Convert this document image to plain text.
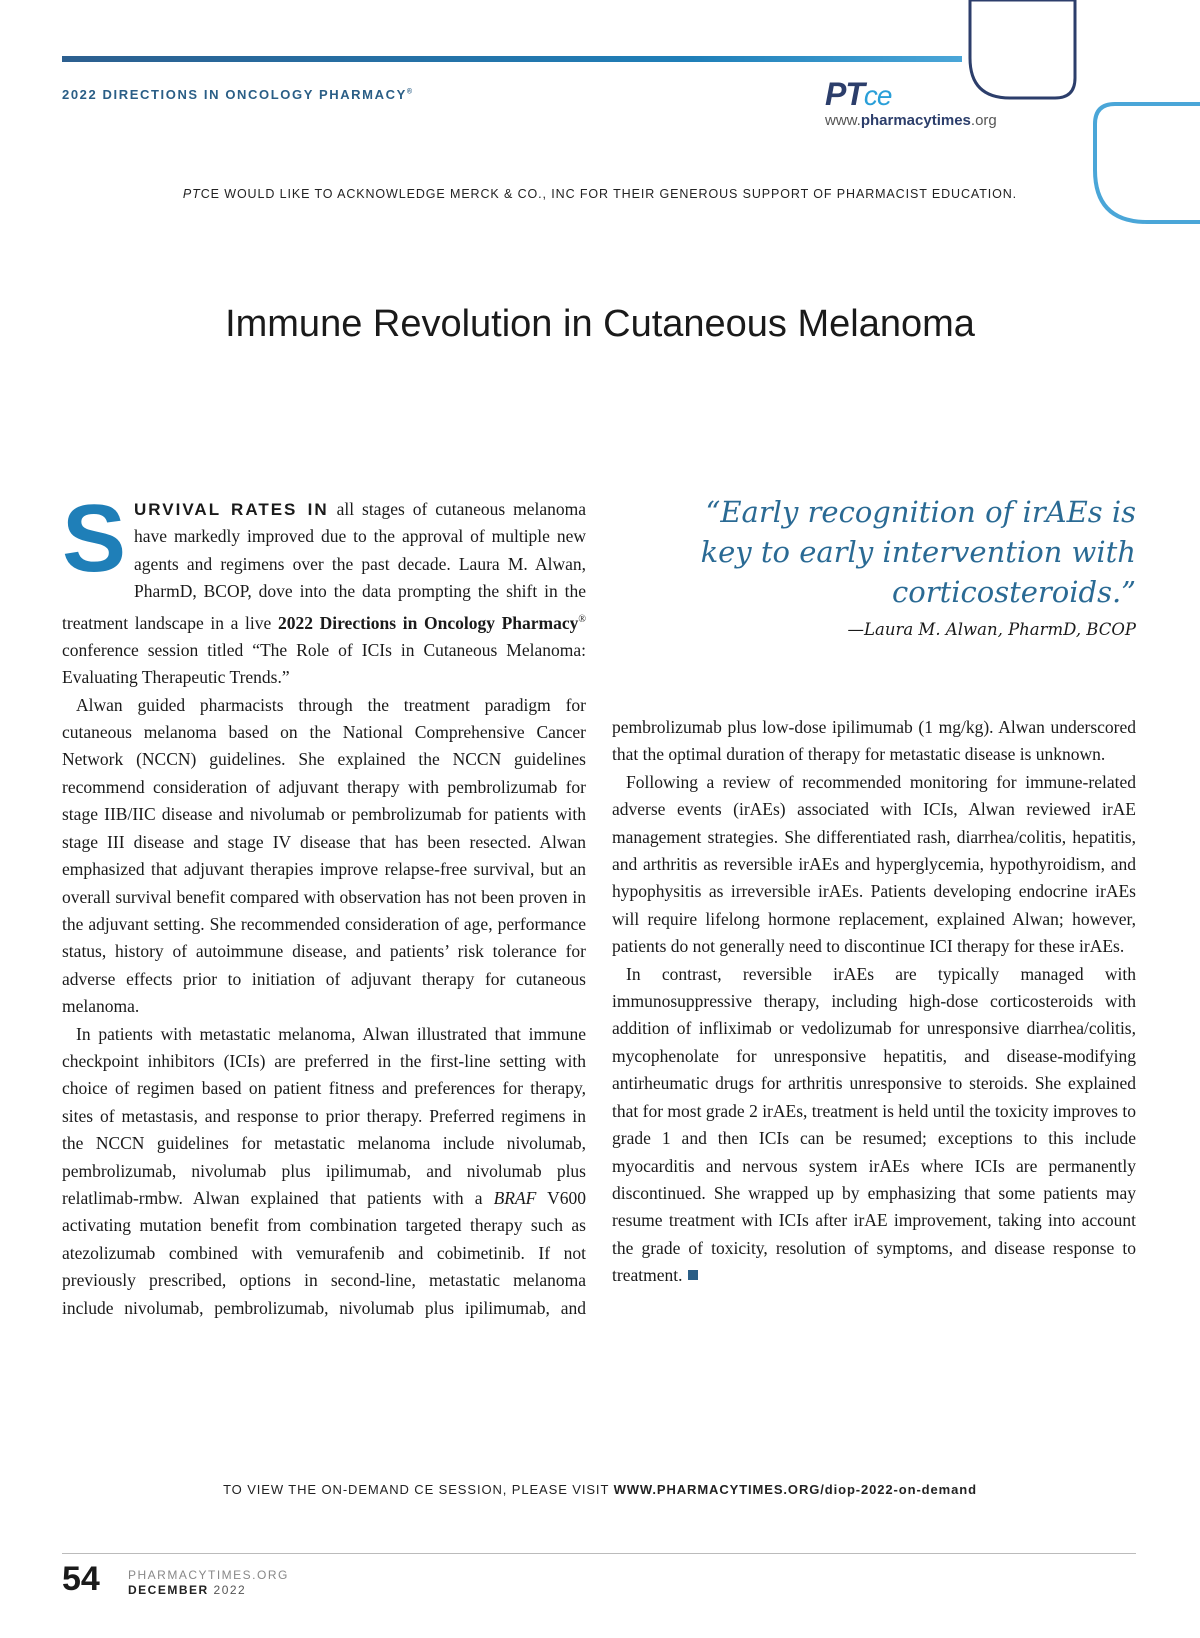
2022 DIRECTIONS IN ONCOLOGY PHARMACY®	PTce
www.pharmacytimes.org
PTCE WOULD LIKE TO ACKNOWLEDGE MERCK & CO., INC FOR THEIR GENEROUS SUPPORT OF PHARMACIST EDUCATION.
Immune Revolution in Cutaneous Melanoma

SURVIVAL RATES IN all stages of cutaneous melanoma have markedly improved due to the approval of multiple new agents and regimens over the past decade. Laura M. Alwan, PharmD, BCOP, dove into the data prompting the shift in the treatment landscape in a live 2022 Directions in Oncology Pharmacy® conference session titled “The Role of ICIs in Cutaneous Melanoma: Evaluating Therapeutic Trends.”

Alwan guided pharmacists through the treatment paradigm for cutaneous melanoma based on the National Comprehensive Cancer Network (NCCN) guidelines. She explained the NCCN guidelines recommend consideration of adjuvant therapy with pembrolizumab for stage IIB/IIC disease and nivolumab or pembrolizumab for patients with stage III disease and stage IV disease that has been resected. Alwan emphasized that adjuvant therapies improve relapse-free survival, but an overall survival benefit compared with observation has not been proven in the adjuvant setting. She recommended consideration of age, performance status, history of autoimmune disease, and patients’ risk tolerance for adverse effects prior to initiation of adjuvant therapy for cutaneous melanoma.

In patients with metastatic melanoma, Alwan illustrated that immune checkpoint inhibitors (ICIs) are preferred in the first-line setting with choice of regimen based on patient fitness and preferences for therapy, sites of metastasis, and response to prior therapy. Preferred regimens in the NCCN guidelines for metastatic melanoma include nivolumab, pembrolizumab, nivolumab plus ipilimumab, and nivolumab plus relatlimab-rmbw. Alwan explained that patients with a BRAF V600 activating mutation benefit from combination targeted therapy such as atezolizumab combined with vemurafenib and cobimetinib. If not previously prescribed, options in second-line, metastatic melanoma include nivolumab, pembrolizumab, nivolumab plus ipilimumab, and

“Early recognition of irAEs is key to early intervention with corticosteroids.”
—Laura M. Alwan, PharmD, BCOP

pembrolizumab plus low-dose ipilimumab (1 mg/kg). Alwan underscored that the optimal duration of therapy for metastatic disease is unknown.

Following a review of recommended monitoring for immune-related adverse events (irAEs) associated with ICIs, Alwan reviewed irAE management strategies. She differentiated rash, diarrhea/colitis, hepatitis, and arthritis as reversible irAEs and hyperglycemia, hypothyroidism, and hypophysitis as irreversible irAEs. Patients developing endocrine irAEs will require lifelong hormone replacement, explained Alwan; however, patients do not generally need to discontinue ICI therapy for these irAEs.

In contrast, reversible irAEs are typically managed with immunosuppressive therapy, including high-dose corticosteroids with addition of infliximab or vedolizumab for unresponsive diarrhea/colitis, mycophenolate for unresponsive hepatitis, and disease-modifying antirheumatic drugs for arthritis unresponsive to steroids. She explained that for most grade 2 irAEs, treatment is held until the toxicity improves to grade 1 and then ICIs can be resumed; exceptions to this include myocarditis and nervous system irAEs where ICIs are permanently discontinued. She wrapped up by emphasizing that some patients may resume treatment with ICIs after irAE improvement, taking into account the grade of toxicity, resolution of symptoms, and disease response to treatment.

TO VIEW THE ON-DEMAND CE SESSION, PLEASE VISIT WWW.PHARMACYTIMES.ORG/diop-2022-on-demand
54 PHARMACYTIMES.ORG
DECEMBER 2022
